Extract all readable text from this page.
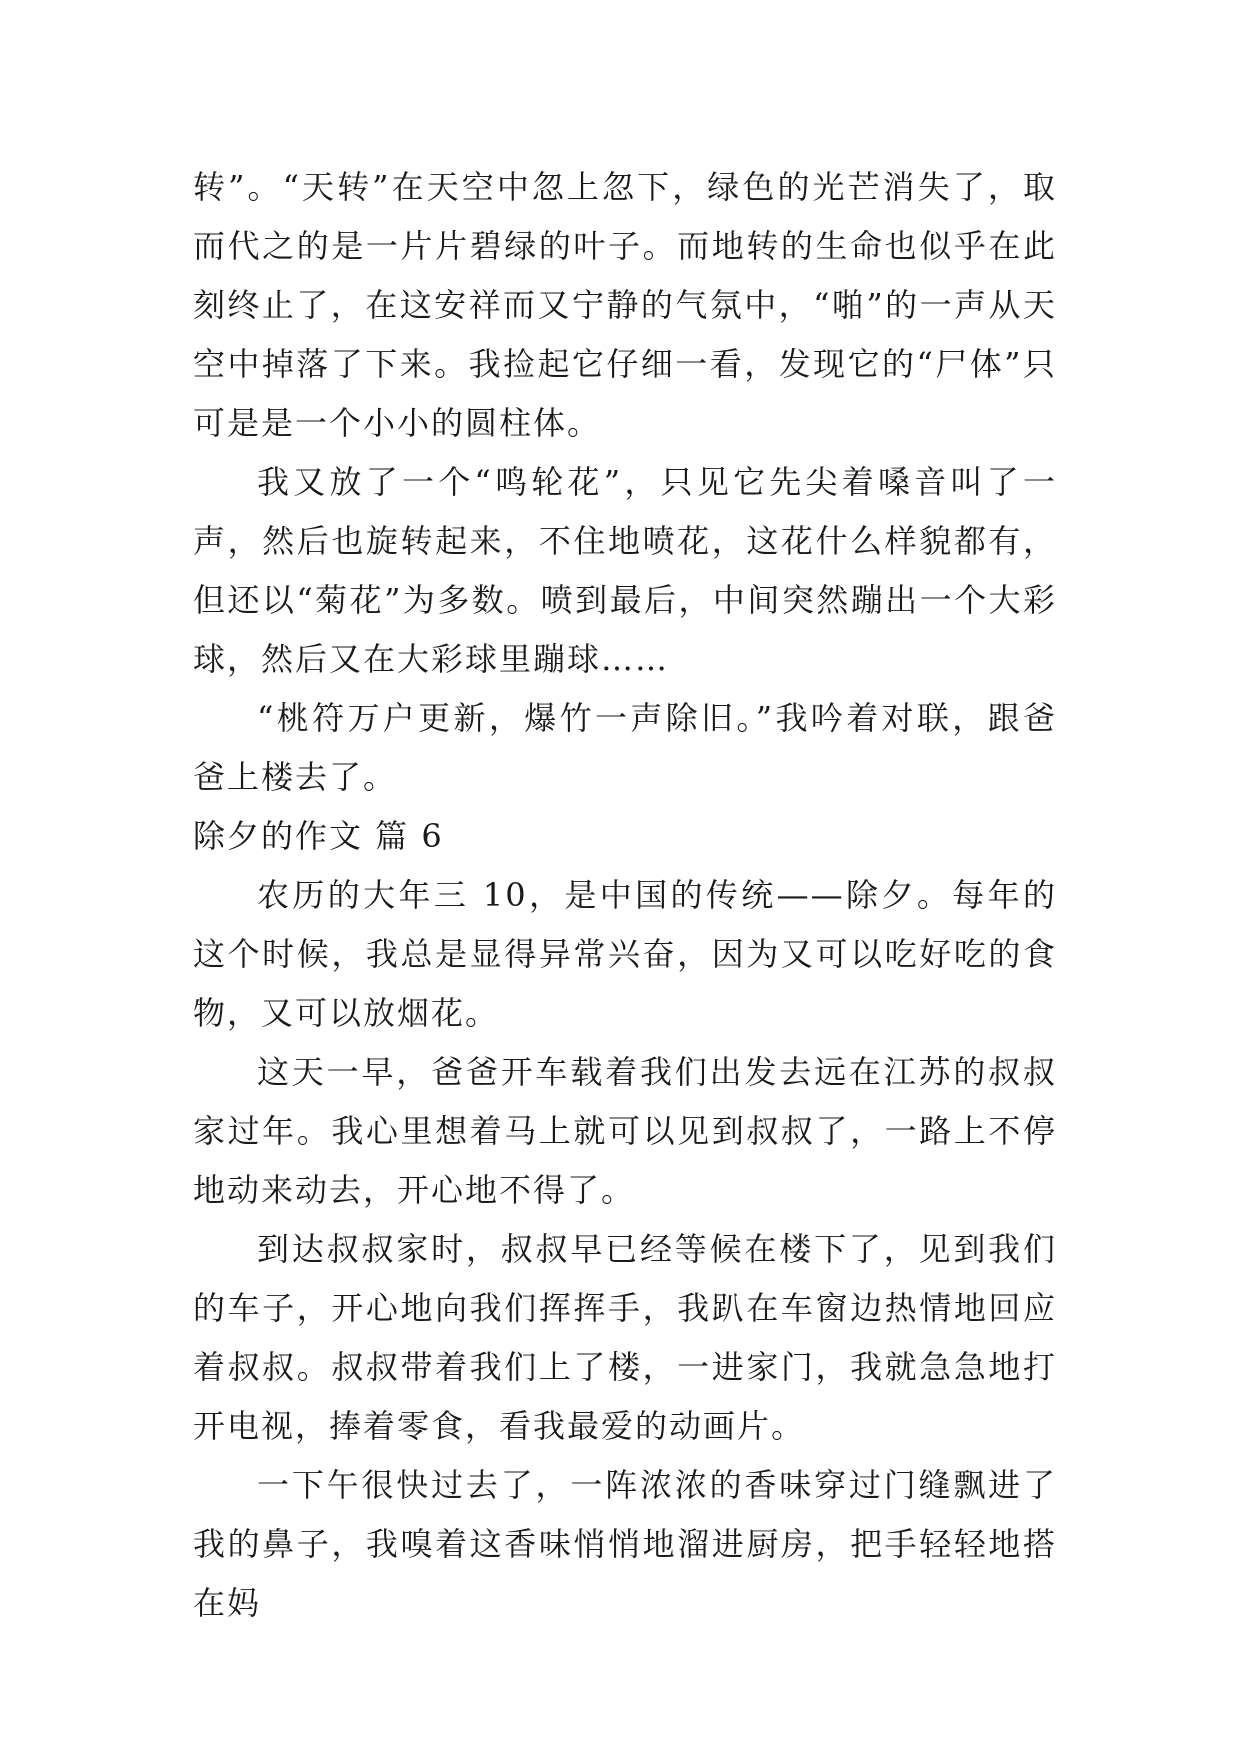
转”。“天转”在天空中忽上忽下，绿色的光芒消失了，取而代之的是一片片碧绿的叶子。而地转的生命也似乎在此刻终止了，在这安祥而又宁静的气氛中，“啪”的一声从天空中掉落了下来。我捡起它仔细一看，发现它的“尸体”只可是是一个小小的圆柱体。

我又放了一个“鸣轮花”，只见它先尖着嗓音叫了一声，然后也旋转起来，不住地喷花，这花什么样貌都有，但还以“菊花”为多数。喷到最后，中间突然蹦出一个大彩球，然后又在大彩球里蹦球……

“桃符万户更新，爆竹一声除旧。”我吟着对联，跟爸爸上楼去了。

除夕的作文 篇 6

农历的大年三 10，是中国的传统——除夕。每年的这个时候，我总是显得异常兴奋，因为又可以吃好吃的食物，又可以放烟花。

这天一早，爸爸开车载着我们出发去远在江苏的叔叔家过年。我心里想着马上就可以见到叔叔了，一路上不停地动来动去，开心地不得了。

到达叔叔家时，叔叔早已经等候在楼下了，见到我们的车子，开心地向我们挥挥手，我趴在车窗边热情地回应着叔叔。叔叔带着我们上了楼，一进家门，我就急急地打开电视，捧着零食，看我最爱的动画片。

一下午很快过去了，一阵浓浓的香味穿过门缝飘进了我的鼻子，我嗅着这香味悄悄地溜进厨房，把手轻轻地搭在妈
